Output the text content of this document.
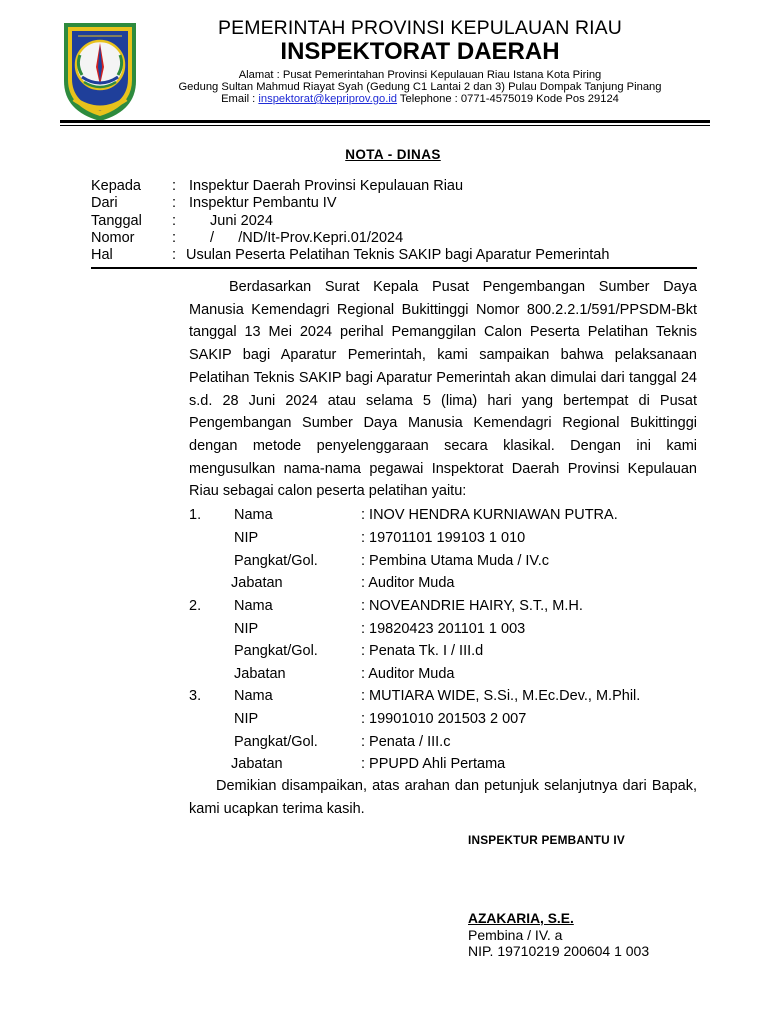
PEMERINTAH PROVINSI KEPULAUAN RIAU
INSPEKTORAT DAERAH
Alamat : Pusat Pemerintahan Provinsi Kepulauan Riau Istana Kota Piring
Gedung Sultan Mahmud Riayat Syah (Gedung C1 Lantai 2 dan 3) Pulau Dompak Tanjung Pinang
Email : inspektorat@kepriprov.go.id Telephone : 0771-4575019 Kode Pos 29124
NOTA - DINAS
Kepada : Inspektur Daerah Provinsi Kepulauan Riau
Dari	: Inspektur Pembantu IV
Tanggal : Juni 2024
Nomor	: /      /ND/It-Prov.Kepri.01/2024
Hal	: Usulan Peserta Pelatihan Teknis SAKIP bagi Aparatur Pemerintah
Berdasarkan Surat Kepala Pusat Pengembangan Sumber Daya Manusia Kemendagri Regional Bukittinggi Nomor 800.2.2.1/591/PPSDM-Bkt tanggal 13 Mei 2024 perihal Pemanggilan Calon Peserta Pelatihan Teknis SAKIP bagi Aparatur Pemerintah, kami sampaikan bahwa pelaksanaan Pelatihan Teknis SAKIP bagi Aparatur Pemerintah akan dimulai dari tanggal 24 s.d. 28 Juni 2024 atau selama 5 (lima) hari yang bertempat di Pusat Pengembangan Sumber Daya Manusia Kemendagri Regional Bukittinggi dengan metode penyelenggaraan secara klasikal. Dengan ini kami mengusulkan nama-nama pegawai Inspektorat Daerah Provinsi Kepulauan Riau sebagai calon peserta pelatihan yaitu:
1. Nama	: INOV HENDRA KURNIAWAN PUTRA.
NIP	: 19701101 199103 1 010
Pangkat/Gol.	: Pembina Utama Muda / IV.c
Jabatan	: Auditor Muda
2. Nama	: NOVEANDRIE HAIRY, S.T., M.H.
NIP	: 19820423 201101 1 003
Pangkat/Gol.	: Penata Tk. I / III.d
Jabatan	: Auditor Muda
3. Nama	: MUTIARA WIDE, S.Si., M.Ec.Dev., M.Phil.
NIP	: 19901010 201503 2 007
Pangkat/Gol.	: Penata / III.c
Jabatan	: PPUPD Ahli Pertama
Demikian disampaikan, atas arahan dan petunjuk selanjutnya dari Bapak, kami ucapkan terima kasih.
INSPEKTUR PEMBANTU IV
AZAKARIA, S.E.
Pembina / IV. a
NIP. 19710219 200604 1 003
